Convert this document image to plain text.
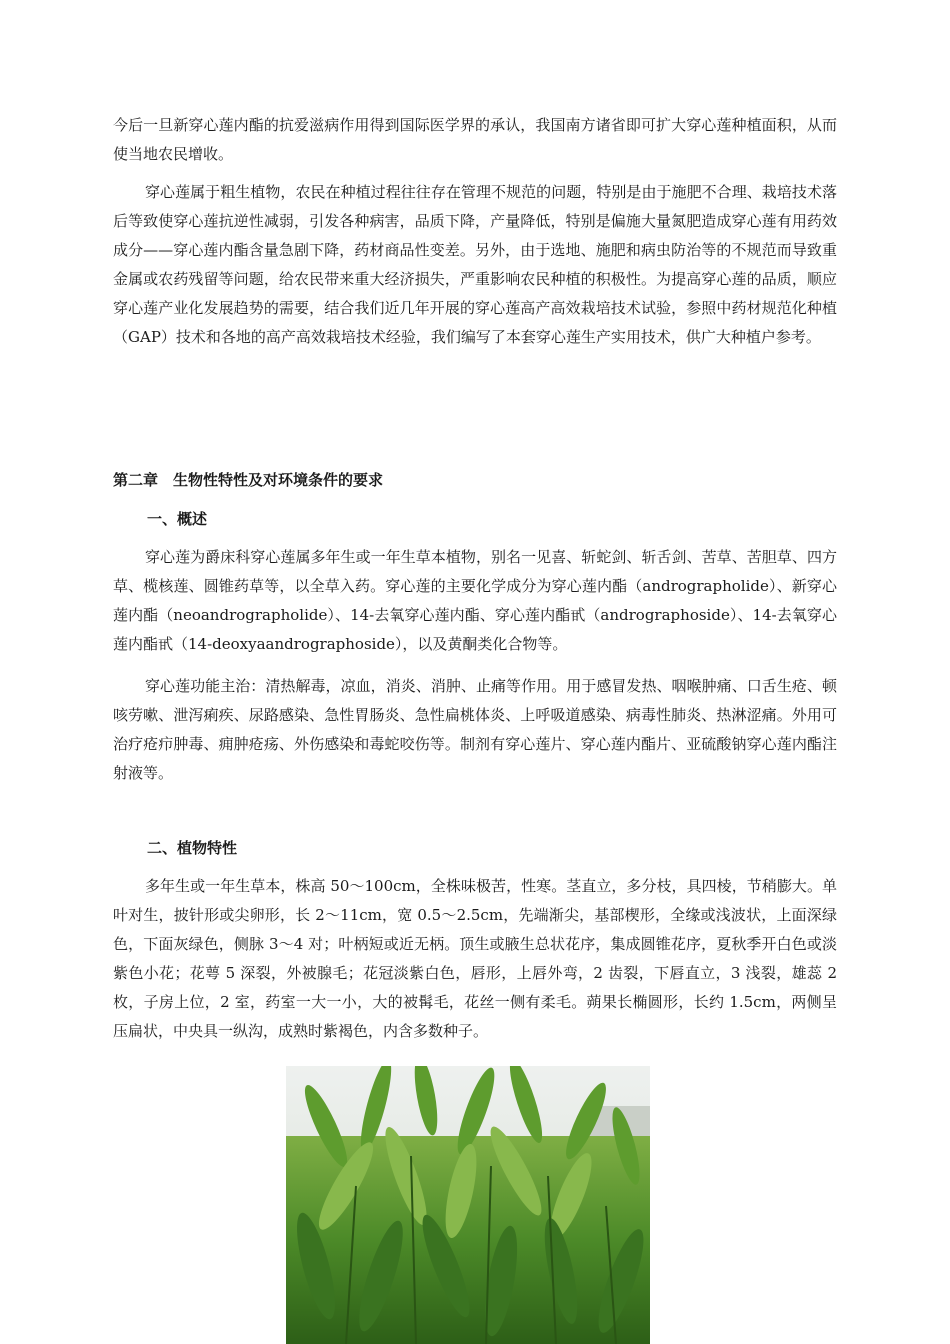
今后一旦新穿心莲内酯的抗爱滋病作用得到国际医学界的承认，我国南方诸省即可扩大穿心莲种植面积，从而使当地农民增收。

穿心莲属于粗生植物，农民在种植过程往往存在管理不规范的问题，特别是由于施肥不合理、栽培技术落后等致使穿心莲抗逆性减弱，引发各种病害，品质下降，产量降低，特别是偏施大量氮肥造成穿心莲有用药效成分——穿心莲内酯含量急剧下降，药材商品性变差。另外，由于选地、施肥和病虫防治等的不规范而导致重金属或农药残留等问题，给农民带来重大经济损失，严重影响农民种植的积极性。为提高穿心莲的品质，顺应穿心莲产业化发展趋势的需要，结合我们近几年开展的穿心莲高产高效栽培技术试验，参照中药材规范化种植（GAP）技术和各地的高产高效栽培技术经验，我们编写了本套穿心莲生产实用技术，供广大种植户参考。

第二章　生物性特性及对环境条件的要求
一、概述

穿心莲为爵床科穿心莲属多年生或一年生草本植物，别名一见喜、斩蛇剑、斩舌剑、苦草、苦胆草、四方草、榄核莲、圆锥药草等，以全草入药。穿心莲的主要化学成分为穿心莲内酯（andrographolide）、新穿心莲内酯（neoandrographolide）、14-去氧穿心莲内酯、穿心莲内酯甙（andrographoside）、14-去氧穿心莲内酯甙（14-deoxyaandrographoside），以及黄酮类化合物等。

穿心莲功能主治：清热解毒，凉血，消炎、消肿、止痛等作用。用于感冒发热、咽喉肿痛、口舌生疮、顿咳劳嗽、泄泻痢疾、尿路感染、急性胃肠炎、急性扁桃体炎、上呼吸道感染、病毒性肺炎、热淋涩痛。外用可治疗疮疖肿毒、痈肿疮疡、外伤感染和毒蛇咬伤等。制剂有穿心莲片、穿心莲内酯片、亚硫酸钠穿心莲内酯注射液等。

二、植物特性

多年生或一年生草本，株高 50～100cm，全株味极苦，性寒。茎直立，多分枝，具四棱，节稍膨大。单叶对生，披针形或尖卵形，长 2～11cm，宽 0.5～2.5cm，先端渐尖，基部楔形，全缘或浅波状，上面深绿色，下面灰绿色，侧脉 3～4 对；叶柄短或近无柄。顶生或腋生总状花序，集成圆锥花序，夏秋季开白色或淡紫色小花；花萼 5 深裂，外被腺毛；花冠淡紫白色，唇形，上唇外弯，2 齿裂，下唇直立，3 浅裂，雄蕊 2 枚，子房上位，2 室，药室一大一小，大的被髯毛，花丝一侧有柔毛。蒴果长椭圆形，长约 1.5cm，两侧呈压扁状，中央具一纵沟，成熟时紫褐色，内含多数种子。
